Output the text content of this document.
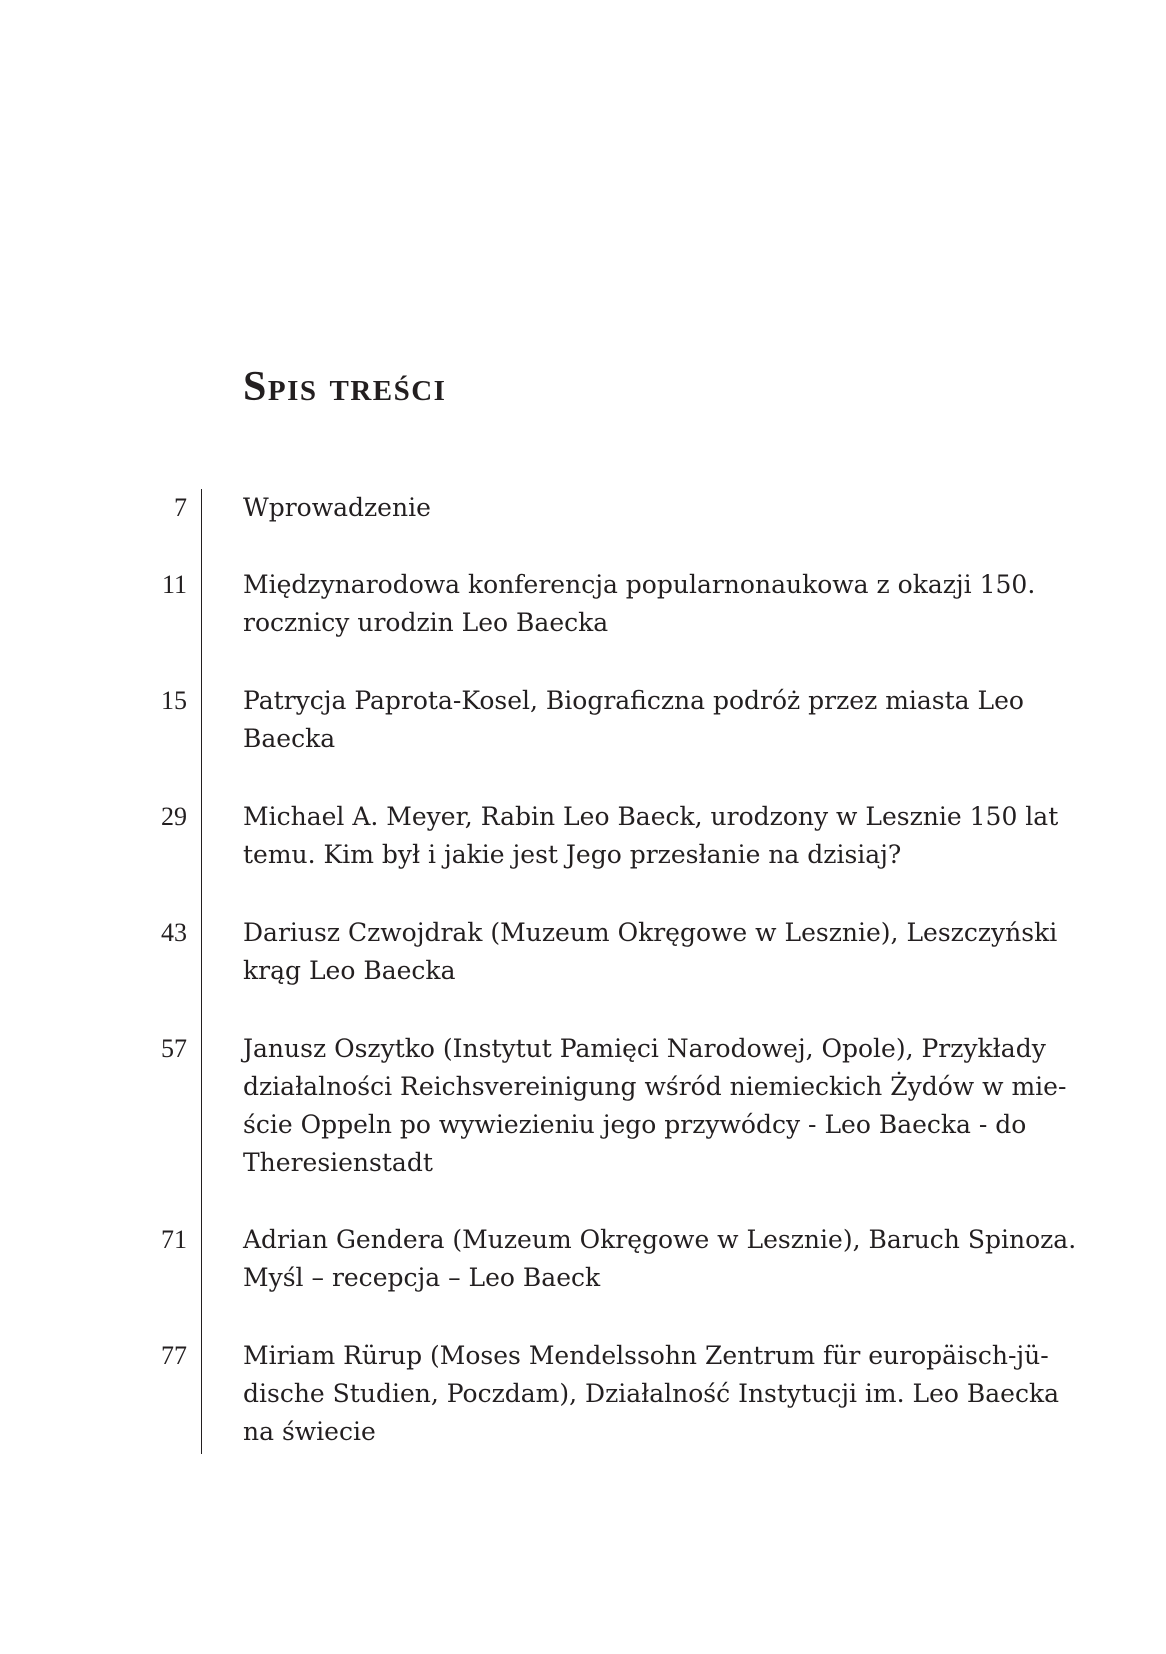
Spis treści
7 Wprowadzenie
11 Międzynarodowa konferencja popularnonaukowa z okazji 150.
rocznicy urodzin Leo Baecka
15 Patrycja Paprota-Kosel, Biograficzna podróż przez miasta Leo
Baecka
29 Michael A. Meyer, Rabin Leo Baeck, urodzony w Lesznie 150 lat
temu. Kim był i jakie jest Jego przesłanie na dzisiaj?
43 Dariusz Czwojdrak (Muzeum Okręgowe w Lesznie), Leszczyński
krąg Leo Baecka
57 Janusz Oszytko (Instytut Pamięci Narodowej, Opole), Przykłady
działalności Reichsvereinigung wśród niemieckich Żydów w mie-
ście Oppeln po wywiezieniu jego przywódcy - Leo Baecka - do
Theresienstadt
71 Adrian Gendera (Muzeum Okręgowe w Lesznie), Baruch Spinoza.
Myśl – recepcja – Leo Baeck
77 Miriam Rürup (Moses Mendelssohn Zentrum für europäisch-jü-
dische Studien, Poczdam), Działalność Instytucji im. Leo Baecka
na świecie
